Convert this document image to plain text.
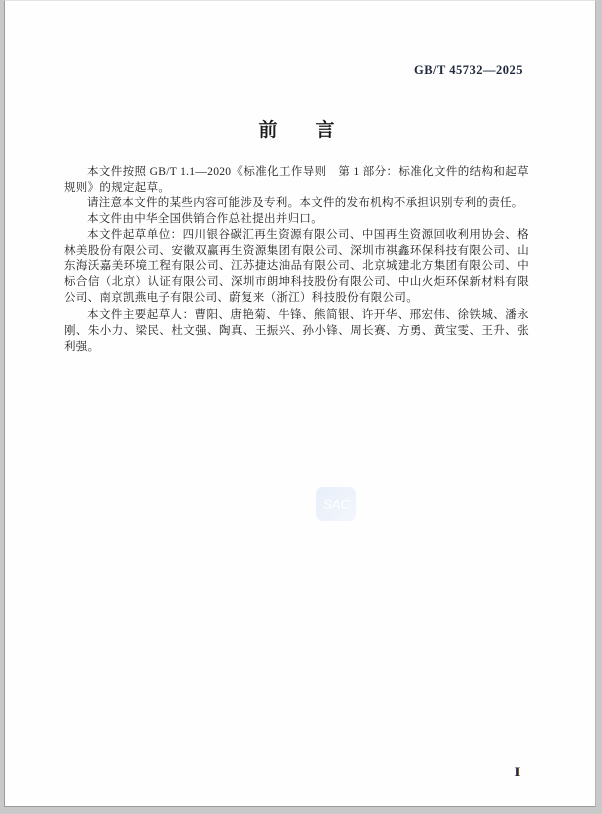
GB/T 45732—2025
前言

本文件按照 GB/T 1.1—2020《标准化工作导则　第 1 部分：标准化文件的结构和起草规则》的规定起草。

请注意本文件的某些内容可能涉及专利。本文件的发布机构不承担识别专利的责任。

本文件由中华全国供销合作总社提出并归口。

本文件起草单位：四川银谷碳汇再生资源有限公司、中国再生资源回收利用协会、格林美股份有限公司、安徽双赢再生资源集团有限公司、深圳市祺鑫环保科技有限公司、山东海沃嘉美环境工程有限公司、江苏捷达油品有限公司、北京城建北方集团有限公司、中标合信（北京）认证有限公司、深圳市朗坤科技股份有限公司、中山火炬环保新材料有限公司、南京凯燕电子有限公司、蔚复来（浙江）科技股份有限公司。

本文件主要起草人：曹阳、唐艳菊、牛锋、熊简银、许开华、邢宏伟、徐铁城、潘永刚、朱小力、梁民、杜文强、陶真、王振兴、孙小锋、周长赛、方勇、黄宝雯、王升、张利强。

SAC
I
